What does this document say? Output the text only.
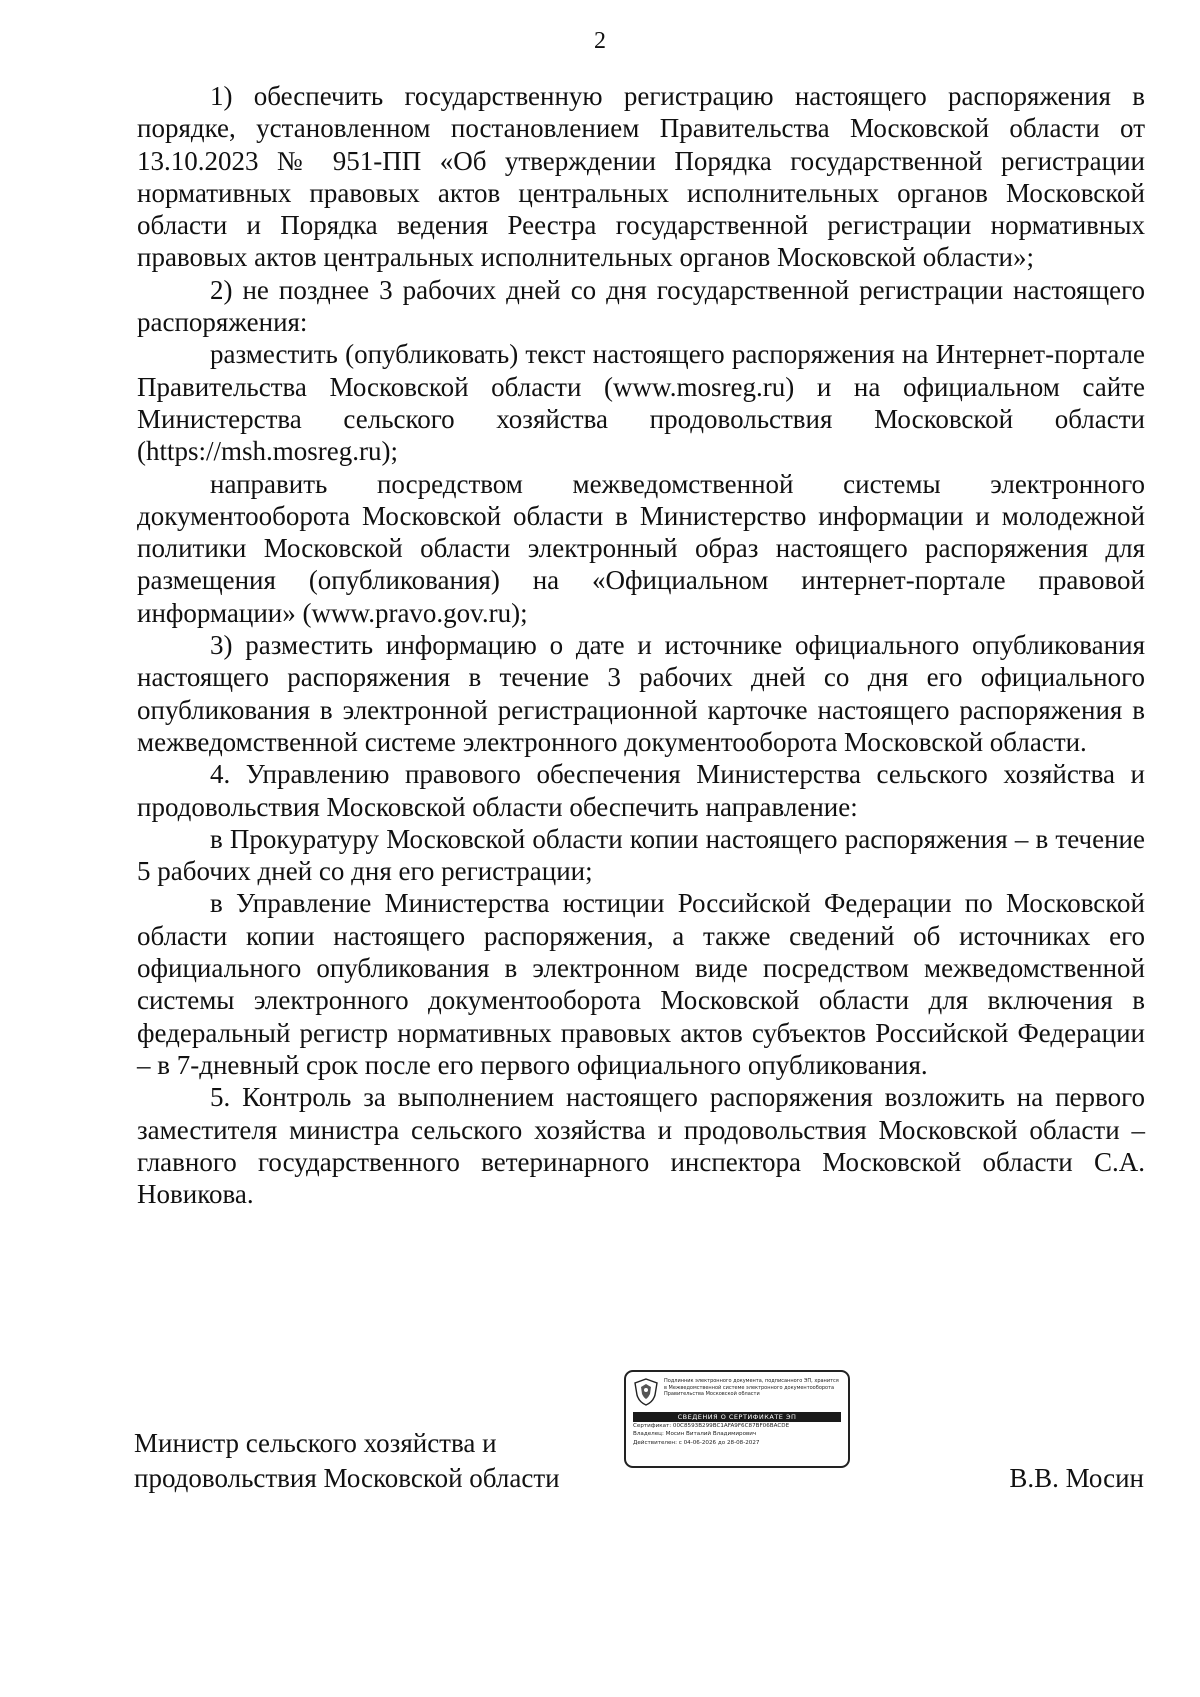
2

1) обеспечить государственную регистрацию настоящего распоряжения в порядке, установленном постановлением Правительства Московской области от 13.10.2023 № 951-ПП «Об утверждении Порядка государственной регистрации нормативных правовых актов центральных исполнительных органов Московской области и Порядка ведения Реестра государственной регистрации нормативных правовых актов центральных исполнительных органов Московской области»;

2) не позднее 3 рабочих дней со дня государственной регистрации настоящего распоряжения:

разместить (опубликовать) текст настоящего распоряжения на Интернет-портале Правительства Московской области (www.mosreg.ru) и на официальном сайте Министерства сельского хозяйства продовольствия Московской области (https://msh.mosreg.ru);

направить посредством межведомственной системы электронного документооборота Московской области в Министерство информации и молодежной политики Московской области электронный образ настоящего распоряжения для размещения (опубликования) на «Официальном интернет-портале правовой информации» (www.pravo.gov.ru);

3) разместить информацию о дате и источнике официального опубликования настоящего распоряжения в течение 3 рабочих дней со дня его официального опубликования в электронной регистрационной карточке настоящего распоряжения в межведомственной системе электронного документооборота Московской области.

4. Управлению правового обеспечения Министерства сельского хозяйства и продовольствия Московской области обеспечить направление:

в Прокуратуру Московской области копии настоящего распоряжения – в течение 5 рабочих дней со дня его регистрации;

в Управление Министерства юстиции Российской Федерации по Московской области копии настоящего распоряжения, а также сведений об источниках его официального опубликования в электронном виде посредством межведомственной системы электронного документооборота Московской области для включения в федеральный регистр нормативных правовых актов субъектов Российской Федерации – в 7-дневный срок после его первого официального опубликования.

5. Контроль за выполнением настоящего распоряжения возложить на первого заместителя министра сельского хозяйства и продовольствия Московской области – главного государственного ветеринарного инспектора Московской области С.А. Новикова.

Министр сельского хозяйства и
продовольствия Московской области
Подлинник электронного документа, подписанного ЭП, хранится в Межведомственной системе электронного документооборота Правительства Московской области
СВЕДЕНИЯ О СЕРТИФИКАТЕ ЭП
Сертификат: 00C8593B299BC1AFA9F6C87BF06BACDE
Владелец: Мосин Виталий Владимирович
Действителен: с 04-06-2026 до 28-08-2027
В.В. Мосин
